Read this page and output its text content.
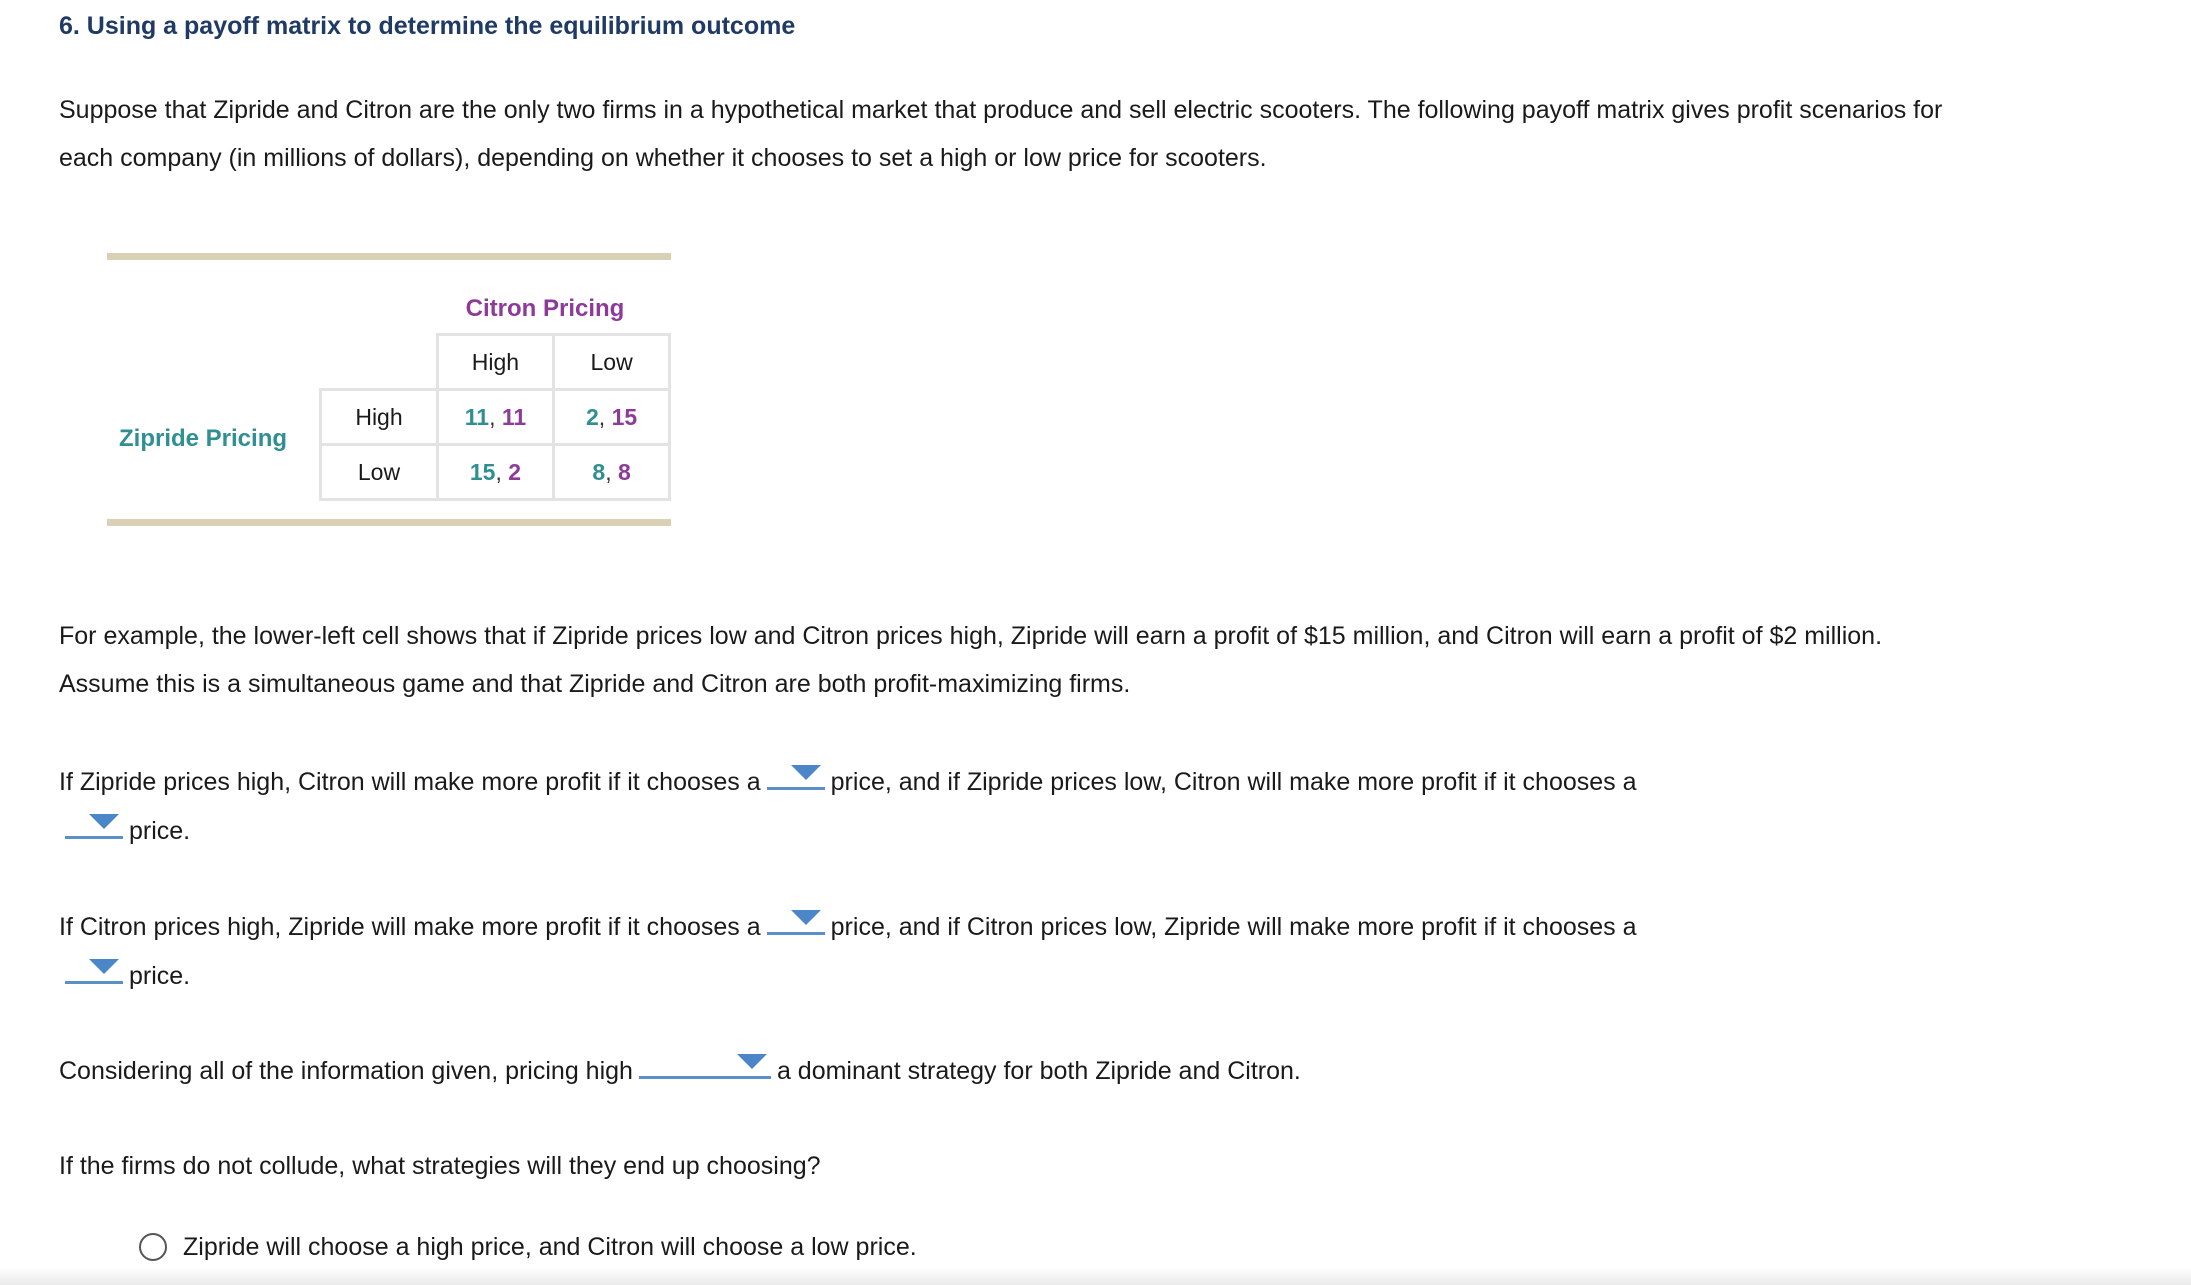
6. Using a payoff matrix to determine the equilibrium outcome
Suppose that Zipride and Citron are the only two firms in a hypothetical market that produce and sell electric scooters. The following payoff matrix gives profit scenarios for each company (in millions of dollars), depending on whether it chooses to set a high or low price for scooters.
Citron Pricing
Zipride Pricing
		High	Low
	High	11, 11	2, 15
	Low	15, 2	8, 8
For example, the lower-left cell shows that if Zipride prices low and Citron prices high, Zipride will earn a profit of $15 million, and Citron will earn a profit of $2 million. Assume this is a simultaneous game and that Zipride and Citron are both profit-maximizing firms.
If Zipride prices high, Citron will make more profit if it chooses a	price, and if Zipride prices low, Citron will make more profit if it chooses a

price.
If Citron prices high, Zipride will make more profit if it chooses a	price, and if Citron prices low, Zipride will make more profit if it chooses a

price.
Considering all of the information given, pricing high	a dominant strategy for both Zipride and Citron.
If the firms do not collude, what strategies will they end up choosing?
Zipride will choose a high price, and Citron will choose a low price.
